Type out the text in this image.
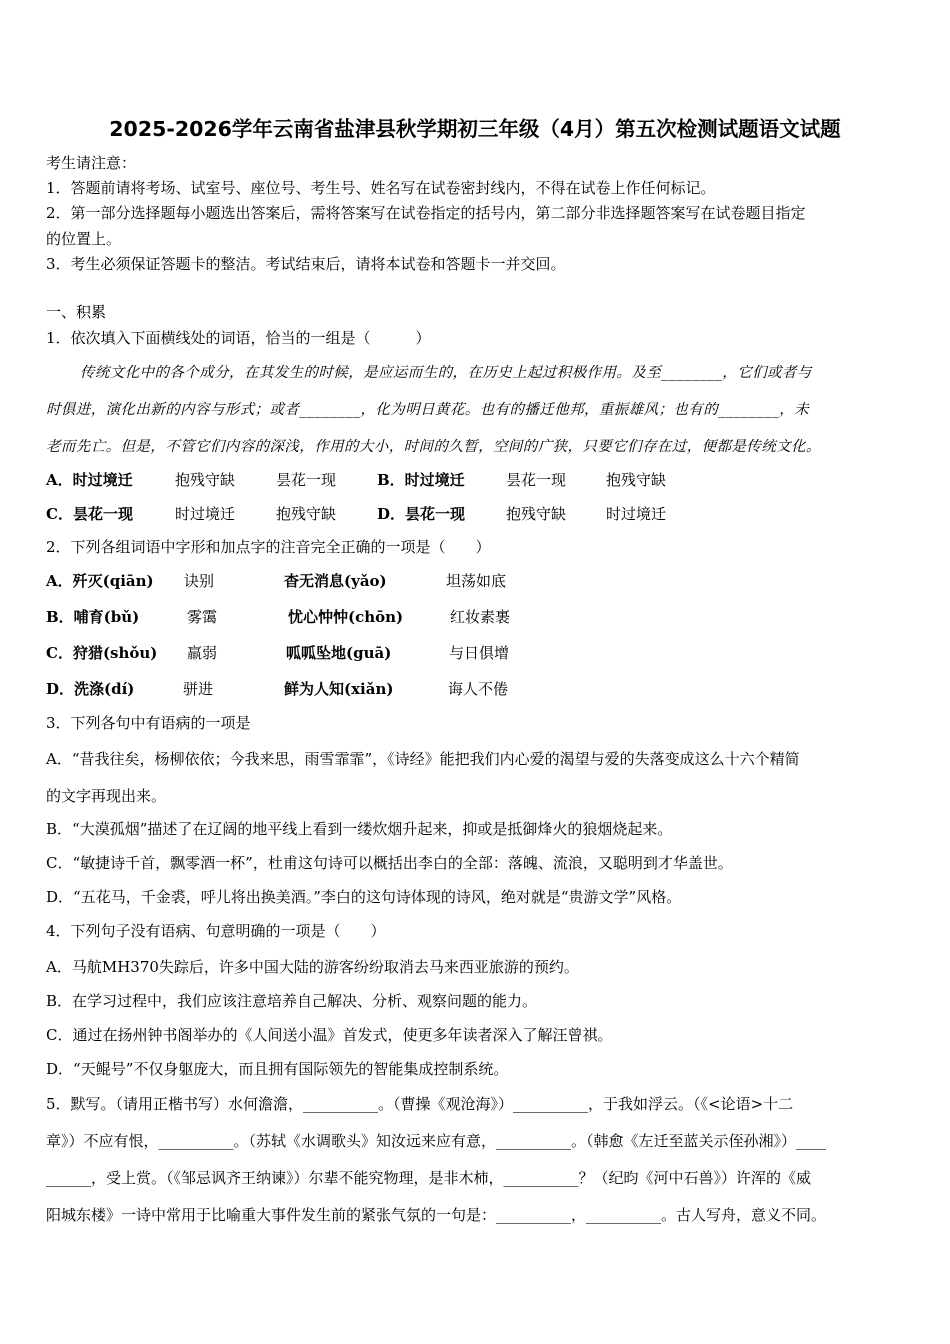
2025-2026学年云南省盐津县秋学期初三年级（4月）第五次检测试题语文试题
考生请注意：
1．答题前请将考场、试室号、座位号、考生号、姓名写在试卷密封线内，不得在试卷上作任何标记。
2．第一部分选择题每小题选出答案后，需将答案写在试卷指定的括号内，第二部分非选择题答案写在试卷题目指定
的位置上。
3．考生必须保证答题卡的整洁。考试结束后，请将本试卷和答题卡一并交回。
一、积累
1．依次填入下面横线处的词语，恰当的一组是（　　　）
传统文化中的各个成分，在其发生的时候，是应运而生的，在历史上起过积极作用。及至________，它们或者与
时俱进，演化出新的内容与形式；或者________，化为明日黄花。也有的播迁他邦，重振雄风；也有的________，未
老而先亡。但是，不管它们内容的深浅，作用的大小，时间的久暂，空间的广狭，只要它们存在过，便都是传统文化。
A．时过境迁	抱残守缺	昙花一现	B．时过境迁	昙花一现	抱残守缺
C．昙花一现	时过境迁	抱残守缺	D．昙花一现	抱残守缺	时过境迁
2．下列各组词语中字形和加点字的注音完全正确的一项是（　　）
A．歼灭(qiān) 诀别	杳无消息(yǎo)	坦荡如底
B．哺育(bǔ)	雾霭	忧心忡忡(chōn)	红妆素裹
C．狩猎(shǒu) 羸弱	呱呱坠地(guā)	与日俱增
D．洗涤(dí)	骈进	鲜为人知(xiǎn)	诲人不倦
3．下列各句中有语病的一项是
A．“昔我往矣，杨柳依依；今我来思，雨雪霏霏”，《诗经》能把我们内心爱的渴望与爱的失落变成这么十六个精简
的文字再现出来。
B．“大漠孤烟”描述了在辽阔的地平线上看到一缕炊烟升起来，抑或是抵御烽火的狼烟烧起来。
C．“敏捷诗千首，飘零酒一杯”，杜甫这句诗可以概括出李白的全部：落魄、流浪，又聪明到才华盖世。
D．“五花马，千金裘，呼儿将出换美酒。”李白的这句诗体现的诗风，绝对就是“贵游文学”风格。
4．下列句子没有语病、句意明确的一项是（　　）
A．马航MH370失踪后，许多中国大陆的游客纷纷取消去马来西亚旅游的预约。
B．在学习过程中，我们应该注意培养自己解决、分析、观察问题的能力。
C．通过在扬州钟书阁举办的《人间送小温》首发式，使更多年读者深入了解汪曾祺。
D．“天鲲号”不仅身躯庞大，而且拥有国际领先的智能集成控制系统。
5．默写。（请用正楷书写）水何澹澹，__________。（曹操《观沧海》）__________，于我如浮云。（《<论语>十二
章》）不应有恨，__________。（苏轼《水调歌头》知汝远来应有意，__________。（韩愈《左迁至蓝关示侄孙湘》）____
______，受上赏。（《邹忌讽齐王纳谏》）尔辈不能究物理，是非木柿，__________？（纪昀《河中石兽》）许浑的《威
阳城东楼》一诗中常用于比喻重大事件发生前的紧张气氛的一句是：__________，__________。古人写舟，意义不同。
